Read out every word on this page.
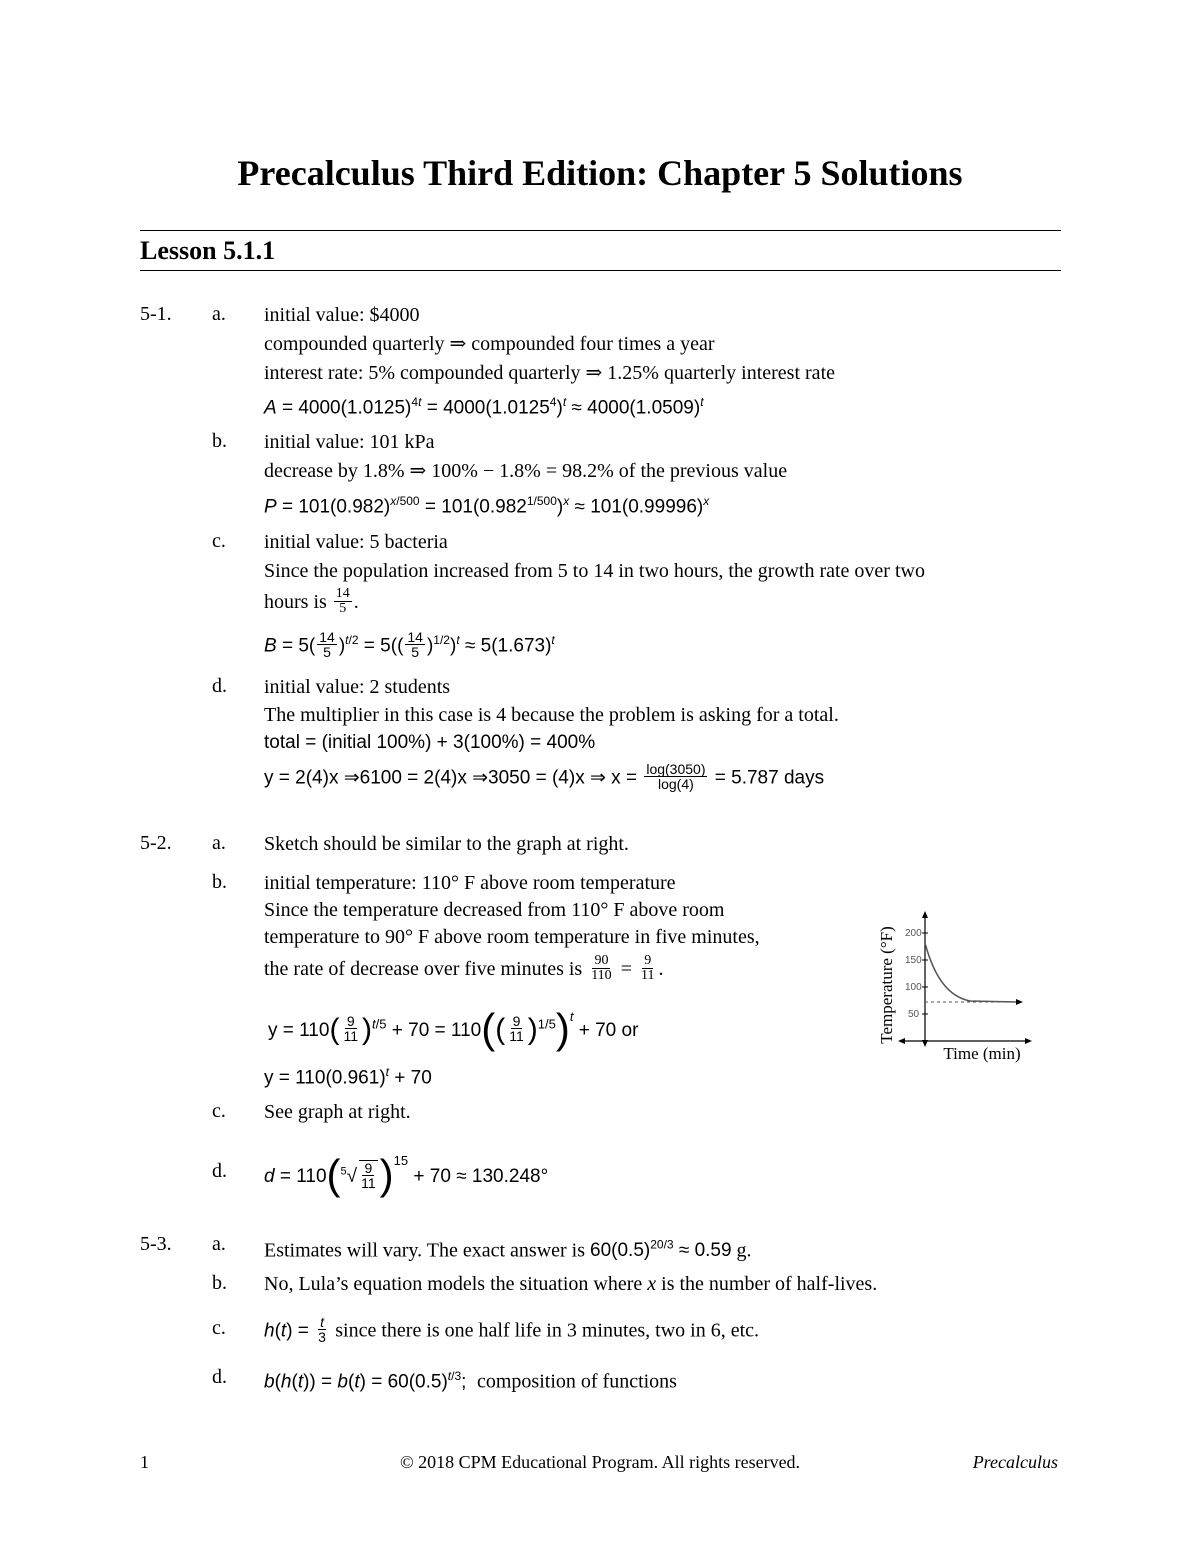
Precalculus Third Edition: Chapter 5 Solutions
Lesson 5.1.1
5-1. a. initial value: $4000
compounded quarterly ⇒ compounded four times a year
interest rate: 5% compounded quarterly ⇒ 1.25% quarterly interest rate
$A = 4000(1.0125)^{4t} = 4000(1.0125^4)^t \approx 4000(1.0509)^t$
b. initial value: 101 kPa
decrease by 1.8% ⇒ 100% − 1.8% = 98.2% of the previous value
$P = 101(0.982)^{x/500} = 101(0.982^{1/500})^x \approx 101(0.99996)^x$
c. initial value: 5 bacteria
Since the population increased from 5 to 14 in two hours, the growth rate over two
hours is $\frac{14}{5}$ .
$B = 5( \frac{14}{5} )^{t/2} = 5(( \frac{14}{5} )^{1/2})^t \approx 5(1.673)^t$
d. initial value: 2 students
The multiplier in this case is 4 because the problem is asking for a total.
total = (initial 100%) + 3(100%) = 400%
y = 2(4)x ⇒6100 = 2(4)x ⇒3050 = (4)x ⇒ $x = \frac{\log(3050)}{\log(4)} = 5.787$ days
5-2. a. Sketch should be similar to the graph at right.
b. initial temperature: 110° F above room temperature
Since the temperature decreased from 110° F above room
temperature to 90° F above room temperature in five minutes,
the rate of decrease over five minutes is $\frac{90}{110} = \frac{9}{11}$ .
$y = 110( \frac{9}{11} )^{t/5} + 70 = 110(( \frac{9}{11} )^{1/5})^t + 70$ or
$y = 110(0.961)^t + 70$
c. See graph at right.
d. $d = 110(^5√ \frac{9}{11} )^{15} + 70 \approx 130.248^\circ$
Temperature (°F) 200
150
100
50
Time (min)
5-3. a. Estimates will vary. The exact answer is $60(0.5)^{20/3} \approx 0.59$ g.
b. No, Lula’s equation models the situation where x is the number of half-lives.
c. $h(t) = \frac{t}{3}$ since there is one half life in 3 minutes, two in 6, etc.
d. $b(h(t)) = b(t) = 60(0.5)^{t/3}$;  composition of functions
1	© 2018 CPM Educational Program. All rights reserved.	Precalculus
